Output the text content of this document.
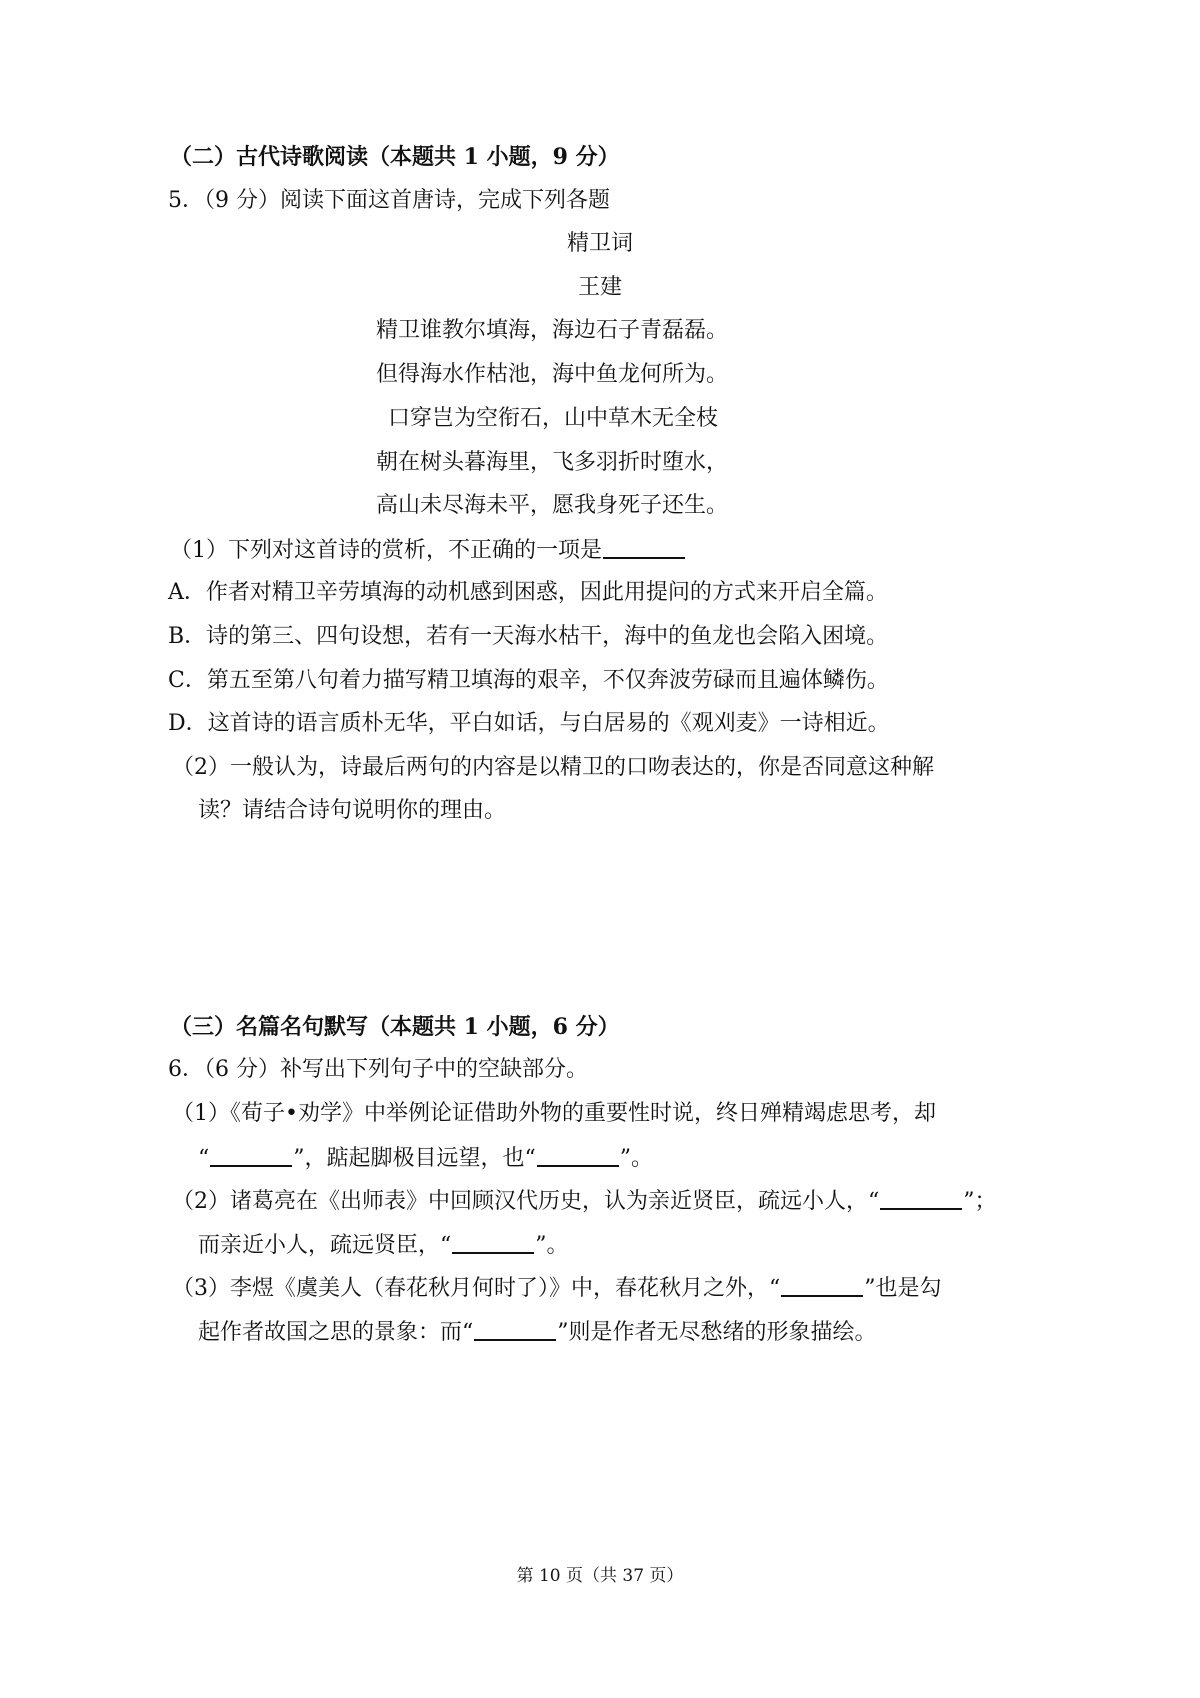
（二）古代诗歌阅读（本题共 1 小题，9 分）
5．（9 分）阅读下面这首唐诗，完成下列各题
精卫词
王建
精卫谁教尔填海，海边石子青磊磊。
但得海水作枯池，海中鱼龙何所为。
口穿岂为空衔石，山中草木无全枝
朝在树头暮海里，飞多羽折时堕水，
高山未尽海未平，愿我身死子还生。
（1）下列对这首诗的赏析，不正确的一项是
A．作者对精卫辛劳填海的动机感到困惑，因此用提问的方式来开启全篇。
B．诗的第三、四句设想，若有一天海水枯干，海中的鱼龙也会陷入困境。
C．第五至第八句着力描写精卫填海的艰辛，不仅奔波劳碌而且遍体鳞伤。
D．这首诗的语言质朴无华，平白如话，与白居易的《观刈麦》一诗相近。
（2）一般认为，诗最后两句的内容是以精卫的口吻表达的，你是否同意这种解
读？请结合诗句说明你的理由。
（三）名篇名句默写（本题共 1 小题，6 分）
6．（6 分）补写出下列句子中的空缺部分。
（1）《荀子•劝学》中举例论证借助外物的重要性时说，终日殚精竭虑思考，却
“	”，踮起脚极目远望，也“	”。
（2）诸葛亮在《出师表》中回顾汉代历史，认为亲近贤臣，疏远小人，“	”；
而亲近小人，疏远贤臣，“	”。
（3）李煜《虞美人（春花秋月何时了）》中，春花秋月之外，“	”也是勾
起作者故国之思的景象：而“	”则是作者无尽愁绪的形象描绘。
第 10 页（共 37 页）
